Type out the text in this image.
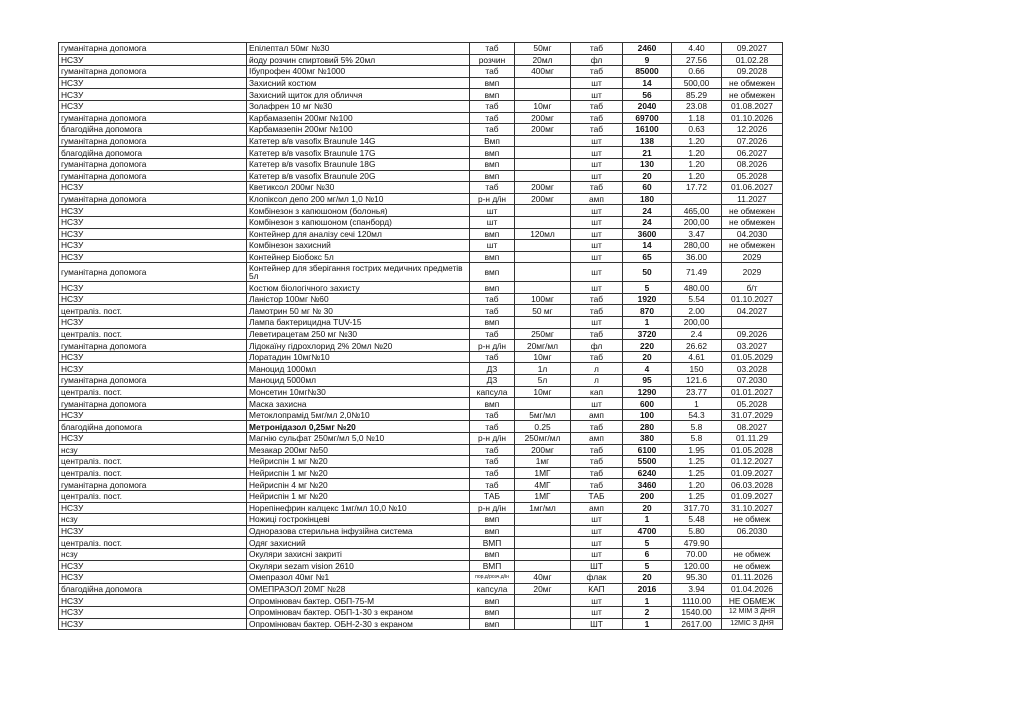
гуманітарна допомога	Епілептал 50мг №30	таб	50мг	таб	2460	4.40	09.2027
НСЗУ	йоду розчин спиртовий 5% 20мл	розчин	20мл	фл	9	27.56	01.02.28
гуманітарна допомога	Ібупрофен 400мг №1000	таб	400мг	таб	85000	0.66	09.2028
НСЗУ	Захисний костюм	вмп		шт	14	500,00	не обмежен
НСЗУ	Захисний щиток для обличчя	вмп		шт	56	85.29	не обмежен
НСЗУ	Золафрен 10 мг №30	таб	10мг	таб	2040	23.08	01.08.2027
гуманітарна допомога	Карбамазепін 200мг №100	таб	200мг	таб	69700	1.18	01.10.2026
благодійна допомога	Карбамазепін 200мг №100	таб	200мг	таб	16100	0.63	12.2026
гуманітарна допомога	Катетер в/в vasofix Braunule 14G	Вмп		шт	138	1.20	07.2026
благодійна допомога	Катетер в/в vasofix Braunule 17G	вмп		шт	21	1.20	06.2027
гуманітарна допомога	Катетер в/в vasofix Braunule 18G	вмп		шт	130	1.20	08.2026
гуманітарна допомога	Катетер в/в vasofix Braunule 20G	вмп		шт	20	1.20	05.2028
НСЗУ	Кветиксол 200мг №30	таб	200мг	таб	60	17.72	01.06.2027
гуманітарна допомога	Клопіксол депо 200 мг/мл 1,0 №10	р-н д/ін	200мг	амп	180		11.2027
НСЗУ	Комбінезон з капюшоном (болонья)	шт		шт	24	465,00	не обмежен
НСЗУ	Комбінезон з капюшоном (спанборд)	шт		шт	24	200,00	не обмежен
НСЗУ	Контейнер для аналізу сечі 120мл	вмп	120мл	шт	3600	3.47	04.2030
НСЗУ	Комбінезон захисний	шт		шт	14	280,00	не обмежен
НСЗУ	Контейнер Біобокс 5л	вмп		шт	65	36.00	2029
гуманітарна допомога	Контейнер для зберігання гострих медичних предметів 5л	вмп		шт	50	71.49	2029
НСЗУ	Костюм біологічного захисту	вмп		шт	5	480.00	б/т
НСЗУ	Ланістор 100мг №60	таб	100мг	таб	1920	5.54	01.10.2027
централіз. пост.	Ламотрин 50 мг № 30	таб	50 мг	таб	870	2.00	04.2027
НСЗУ	Лампа бактерицидна TUV-15	вмп		шт	1	200,00	
централіз. пост.	Леветирацетам 250 мг №30	таб	250мг	таб	3720	2.4	09.2026
гуманітарна допомога	Лідокаїну гідрохлорид 2% 20мл №20	р-н д/ін	20мг/мл	фл	220	26.62	03.2027
НСЗУ	Лоратадин 10мг№10	таб	10мг	таб	20	4.61	01.05.2029
НСЗУ	Маноцид 1000мл	ДЗ	1л	л	4	150	03.2028
гуманітарна допомога	Маноцид 5000мл	ДЗ	5л	л	95	121.6	07.2030
централіз. пост.	Монсетин 10мг№30	капсула	10мг	кап	1290	23.77	01.01.2027
гуманітарна допомога	Маска захисна	вмп		шт	600	1	05.2028
НСЗУ	Метоклопрамід 5мг/мл 2,0№10	таб	5мг/мл	амп	100	54.3	31.07.2029
благодійна допомога	Метронідазол 0,25мг №20	таб	0.25	таб	280	5.8	08.2027
НСЗУ	Магнію сульфат 250мг/мл 5,0 №10	р-н д/ін	250мг/мл	амп	380	5.8	01.11.29
нсзу	Мезакар 200мг №50	таб	200мг	таб	6100	1.95	01.05.2028
централіз. пост.	Нейриспін 1 мг №20	таб	1мг	таб	5500	1.25	01.12.2027
централіз. пост.	Нейриспін 1 мг №20	таб	1МГ	таб	6240	1.25	01.09.2027
гуманітарна допомога	Нейриспін 4 мг №20	таб	4МГ	таб	3460	1.20	06.03.2028
централіз. пост.	Нейриспін 1 мг №20	ТАБ	1МГ	ТАБ	200	1.25	01.09.2027
НСЗУ	Норепінефрин калцекс 1мг/мл 10,0 №10	р-н д/ін	1мг/мл	амп	20	317.70	31.10.2027
нсзу	Ножиці гострокінцеві	вмп		шт	1	5.48	не обмеж
НСЗУ	Одноразова стерильна інфузійна система	вмп		шт	4700	5.80	06.2030
централіз. пост.	Одяг захисний	ВМП		шт	5	479.90	
нсзу	Окуляри захисні закриті	вмп		шт	6	70.00	не обмеж
НСЗУ	Окуляри sezam vision 2610	ВМП		ШТ	5	120.00	не обмеж
НСЗУ	Омепразол 40мг №1	пор.д/розч.д/ін	40мг	флак	20	95.30	01.11.2026
благодійна допомога	ОМЕПРАЗОЛ 20МГ №28	капсула	20мг	КАП	2016	3.94	01.04.2026
НСЗУ	Опромінювач бактер. ОБП-75-М	вмп		шт	1	1110.00	НЕ ОБМЕЖ
НСЗУ	Опромінювач бактер. ОБП-1-30 з екраном	вмп		шт	2	1540.00	12 МІМ З ДНЯ
НСЗУ	Опромінювач бактер. ОБН-2-30 з екраном	вмп		ШТ	1	2617.00	12МІС З ДНЯ
